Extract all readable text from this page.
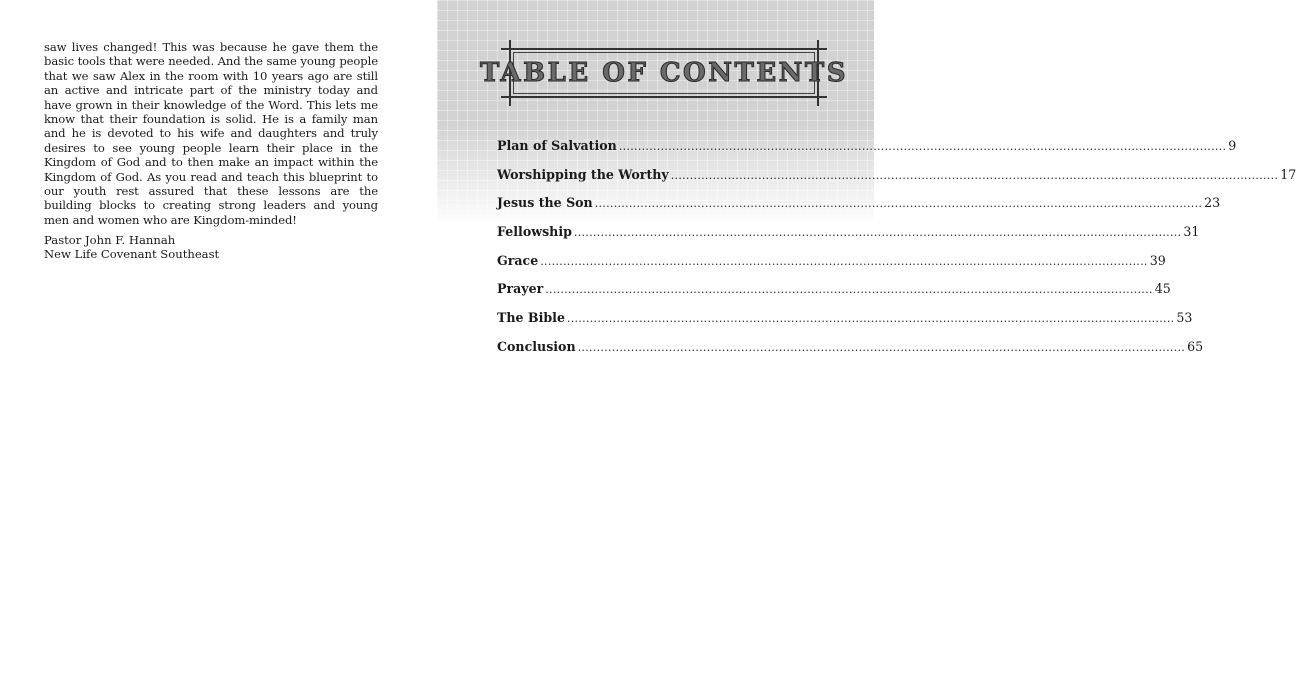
saw lives changed! This was because he gave them the basic tools that were needed. And the same young people that we saw Alex in the room with 10 years ago are still an active and intricate part of the ministry today and have grown in their knowledge of the Word. This lets me know that their foundation is solid. He is a family man and he is devoted to his wife and daughters and truly desires to see young people learn their place in the Kingdom of God and to then make an impact within the Kingdom of God. As you read and teach this blueprint to our youth rest assured that these lessons are the building blocks to creating strong leaders and young men and women who are Kingdom-minded!

Pastor John F. Hannah
New Life Covenant Southeast
TABLE OF CONTENTS
Plan of Salvation ................................................................................................................................................................ 9
Worshipping the Worthy ................................................................................................................................................................ 17
Jesus the Son ................................................................................................................................................................ 23
Fellowship ................................................................................................................................................................ 31
Grace ................................................................................................................................................................ 39
Prayer ................................................................................................................................................................ 45
The Bible ................................................................................................................................................................ 53
Conclusion ................................................................................................................................................................ 65
